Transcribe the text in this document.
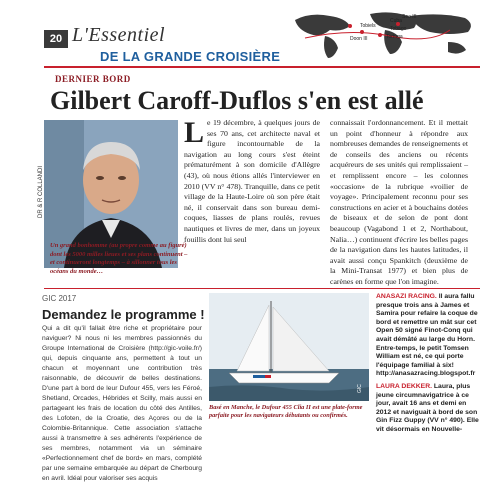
20 L'Essentiel
Cuba
Tobago
Tortuga
Tobiels
Doon III
Sea III
DE LA GRANDE CROISIÈRE
DERNIER BORD
Gilbert Caroff-Duflos s'en est allé
DR & R COLLANDI
Un grand bonhomme (au propre comme au figuré) dont les 5000 milles lieues et ses plans continuent – et continueront longtemps – à sillonner tous les océans du monde…
Le 19 décembre, à quelques jours de ses 70 ans, cet architecte naval et figure incontournable de la navigation au long cours s'est éteint prématurément à son domicile d'Allègre (43), où nous étions allés l'interviewer en 2010 (VV n° 478). Tranquille, dans ce petit village de la Haute-Loire où son père était né, il conservait dans son bureau demi-coques, liasses de plans roulés, revues nautiques et livres de mer, dans un joyeux fouillis dont lui seul
connaissait l'ordonnancement. Et il mettait un point d'honneur à répondre aux nombreuses demandes de renseignements et de conseils des anciens ou récents acquéreurs de ses unités qui remplissaient – et remplissent encore – les colonnes «occasion» de la rubrique «voilier de voyage». Principalement reconnu pour ses constructions en acier et à bouchains dotées de biseaux et de selon de pont dont beaucoup (Vagabond 1 et 2, Northabout, Nalia…) continuent d'écrire les belles pages de la navigation dans les hautes latitudes, il avait aussi conçu Spankitch (deuxième de la Mini-Transat 1977) et bien plus de carènes en forme que l'on imagine.
GIC 2017
Demandez le programme !
Qui a dit qu'il fallait être riche et propriétaire pour naviguer? Ni nous ni les membres passionnés du Groupe International de Croisière (http://gic-voile.fr/) qui, depuis cinquante ans, permettent à tout un chacun et moyennant une contribution très raisonnable, de découvrir de belles destinations. D'une part à bord de leur Dufour 455, vers les Féroé, Shetland, Orcades, Hébrides et Scilly, mais aussi en partageant les frais de location du côté des Antilles, des Lofoten, de la Croatie, des Açores ou de la Colombie-Britannique. Cette association s'attache aussi à transmettre à ses adhérents l'expérience de ses membres, notamment via un séminaire «Perfectionnement chef de bord» en mars, complété par une semaine embarquée au départ de Cherbourg en avril. Idéal pour valoriser ses acquis
GIC
Basé en Manche, le Dufour 455 Clia II est une plate-forme parfaite pour les navigateurs débutants ou confirmés.
ANASAZI RACING. Il aura fallu presque trois ans à James et Samira pour refaire la coque de bord et remettre un mât sur cet Open 50 signé Finot-Conq qui avait démâté au large du Horn. Entre-temps, le petit Tomsen William est né, ce qui porte l'équipage familial à six! http://anasazracing.blogspot.fr
LAURA DEKKER. Laura, plus jeune circumnavigatrice à ce jour, avait 16 ans et demi en 2012 et naviguait à bord de son Gin Fizz Guppy (VV n° 490). Elle vit désormais en Nouvelle-
